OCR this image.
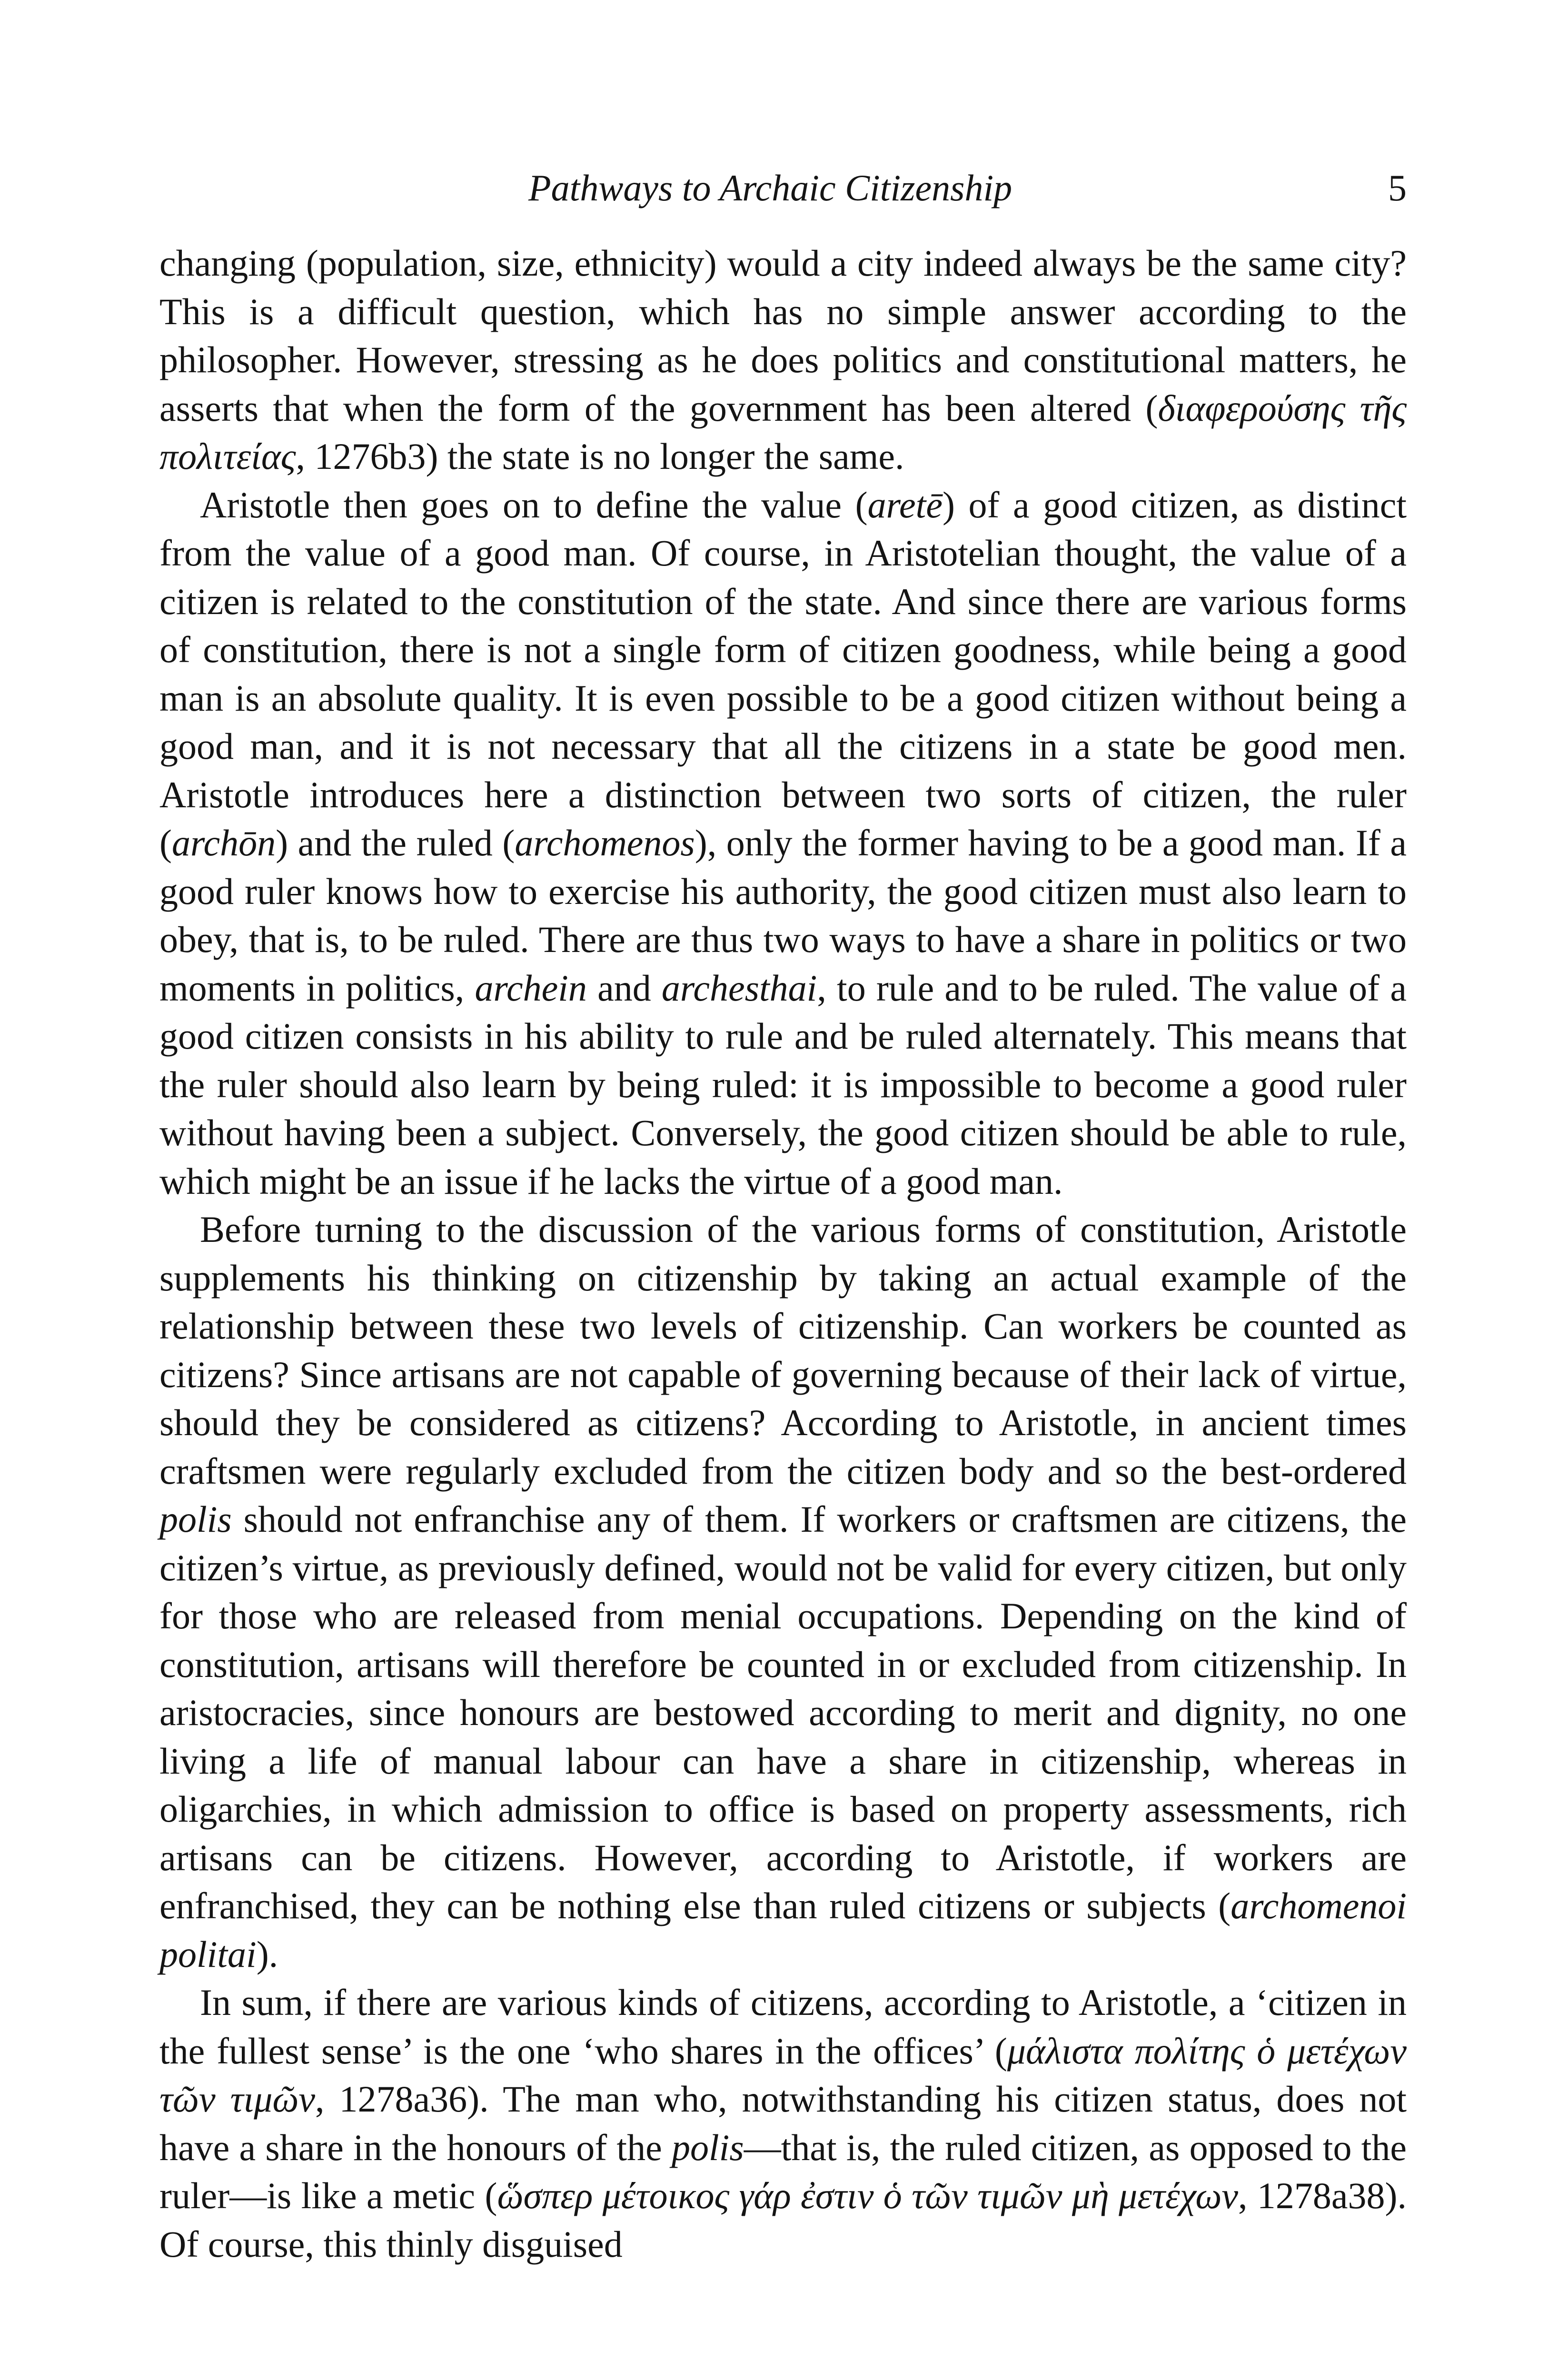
Pathways to Archaic Citizenship	5

changing (population, size, ethnicity) would a city indeed always be the same city? This is a difficult question, which has no simple answer according to the philosopher. However, stressing as he does politics and constitutional matters, he asserts that when the form of the government has been altered (διαφερούσης τῆς πολιτείας, 1276b3) the state is no longer the same.

Aristotle then goes on to define the value (aretē) of a good citizen, as distinct from the value of a good man. Of course, in Aristotelian thought, the value of a citizen is related to the constitution of the state. And since there are various forms of constitution, there is not a single form of citizen goodness, while being a good man is an absolute quality. It is even possible to be a good citizen without being a good man, and it is not necessary that all the citizens in a state be good men. Aristotle introduces here a distinction between two sorts of citizen, the ruler (archōn) and the ruled (archomenos), only the former having to be a good man. If a good ruler knows how to exercise his authority, the good citizen must also learn to obey, that is, to be ruled. There are thus two ways to have a share in politics or two moments in politics, archein and archesthai, to rule and to be ruled. The value of a good citizen consists in his ability to rule and be ruled alternately. This means that the ruler should also learn by being ruled: it is impossible to become a good ruler without having been a subject. Conversely, the good citizen should be able to rule, which might be an issue if he lacks the virtue of a good man.

Before turning to the discussion of the various forms of constitution, Aristotle supplements his thinking on citizenship by taking an actual example of the relationship between these two levels of citizenship. Can workers be counted as citizens? Since artisans are not capable of governing because of their lack of virtue, should they be considered as citizens? According to Aristotle, in ancient times craftsmen were regularly excluded from the citizen body and so the best-ordered polis should not enfranchise any of them. If workers or craftsmen are citizens, the citizen’s virtue, as previously defined, would not be valid for every citizen, but only for those who are released from menial occupations. Depending on the kind of constitution, artisans will therefore be counted in or excluded from citizenship. In aristocracies, since honours are bestowed according to merit and dignity, no one living a life of manual labour can have a share in citizenship, whereas in oligarchies, in which admission to office is based on property assessments, rich artisans can be citizens. However, according to Aristotle, if workers are enfranchised, they can be nothing else than ruled citizens or subjects (archomenoi politai).

In sum, if there are various kinds of citizens, according to Aristotle, a ‘citizen in the fullest sense’ is the one ‘who shares in the offices’ (μάλιστα πολίτης ὁ μετέχων τῶν τιμῶν, 1278a36). The man who, notwithstanding his citizen status, does not have a share in the honours of the polis—that is, the ruled citizen, as opposed to the ruler—is like a metic (ὥσπερ μέτοικος γάρ ἐστιν ὁ τῶν τιμῶν μὴ μετέχων, 1278a38). Of course, this thinly disguised
